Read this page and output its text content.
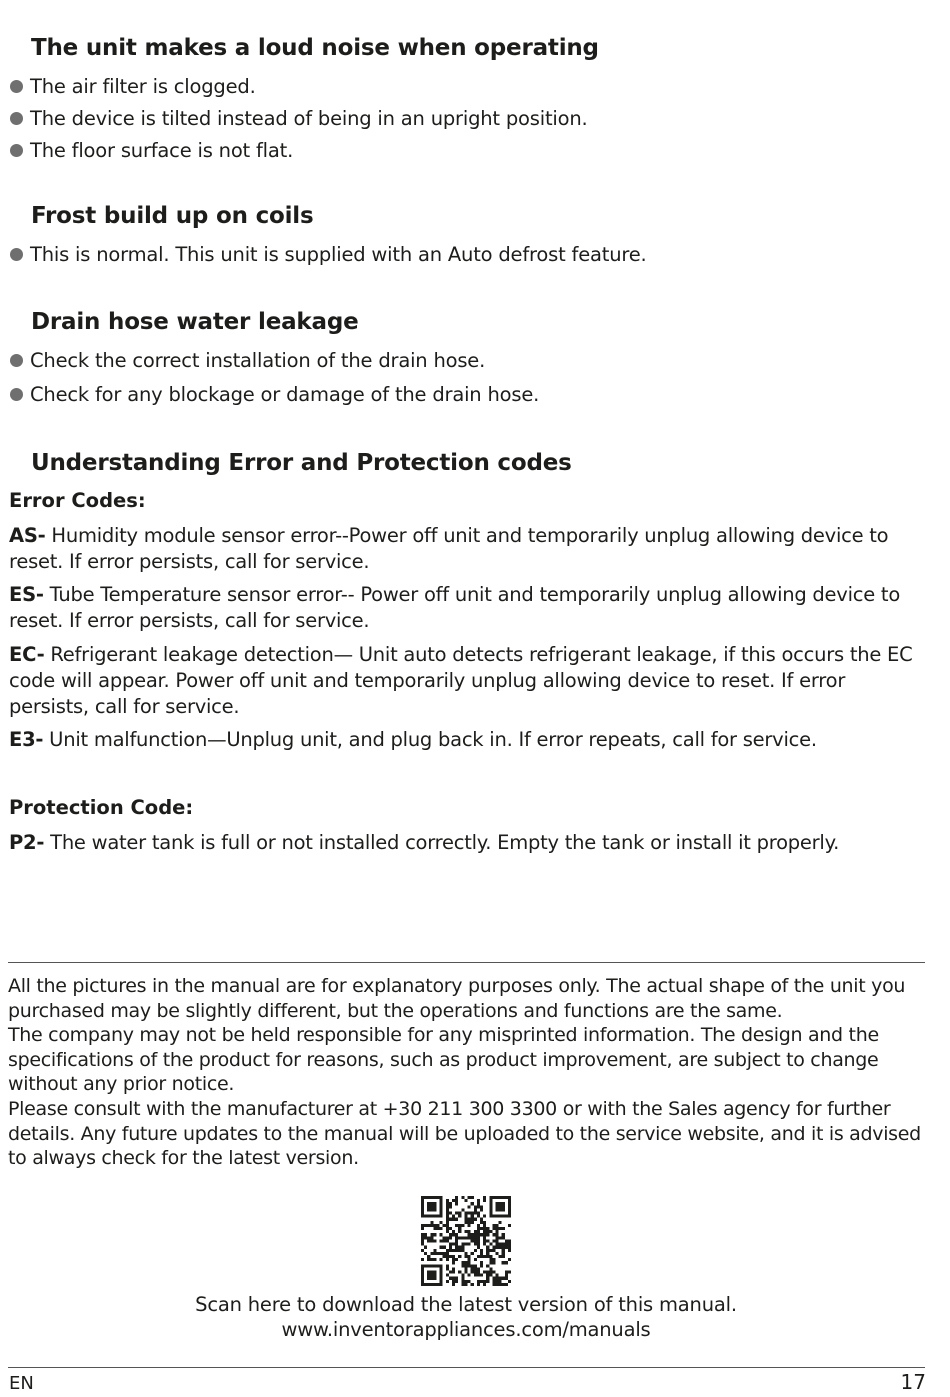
The unit makes a loud noise when operating
The air filter is clogged.
The device is tilted instead of being in an upright position.
The floor surface is not flat.
Frost build up on coils
This is normal. This unit is supplied with an Auto defrost feature.
Drain hose water leakage
Check the correct installation of the drain hose.
Check for any blockage or damage of the drain hose.
Understanding Error and Protection codes
Error Codes:
AS- Humidity module sensor error--Power off unit and temporarily unplug allowing device to reset. If error persists, call for service.
ES- Tube Temperature sensor error-- Power off unit and temporarily unplug allowing device to reset. If error persists, call for service.
EC- Refrigerant leakage detection— Unit auto detects refrigerant leakage, if this occurs the EC code will appear. Power off unit and temporarily unplug allowing device to reset. If error persists, call for service.
E3- Unit malfunction—Unplug unit, and plug back in. If error repeats, call for service.
Protection Code:
P2- The water tank is full or not installed correctly. Empty the tank or install it properly.

All the pictures in the manual are for explanatory purposes only. The actual shape of the unit you purchased may be slightly different, but the operations and functions are the same.

The company may not be held responsible for any misprinted information. The design and the specifications of the product for reasons, such as product improvement, are subject to change without any prior notice.

Please consult with the manufacturer at +30 211 300 3300 or with the Sales agency for further details. Any future updates to the manual will be uploaded to the service website, and it is advised to always check for the latest version.

Scan here to download the latest version of this manual.
www.inventorappliances.com/manuals
EN	17
